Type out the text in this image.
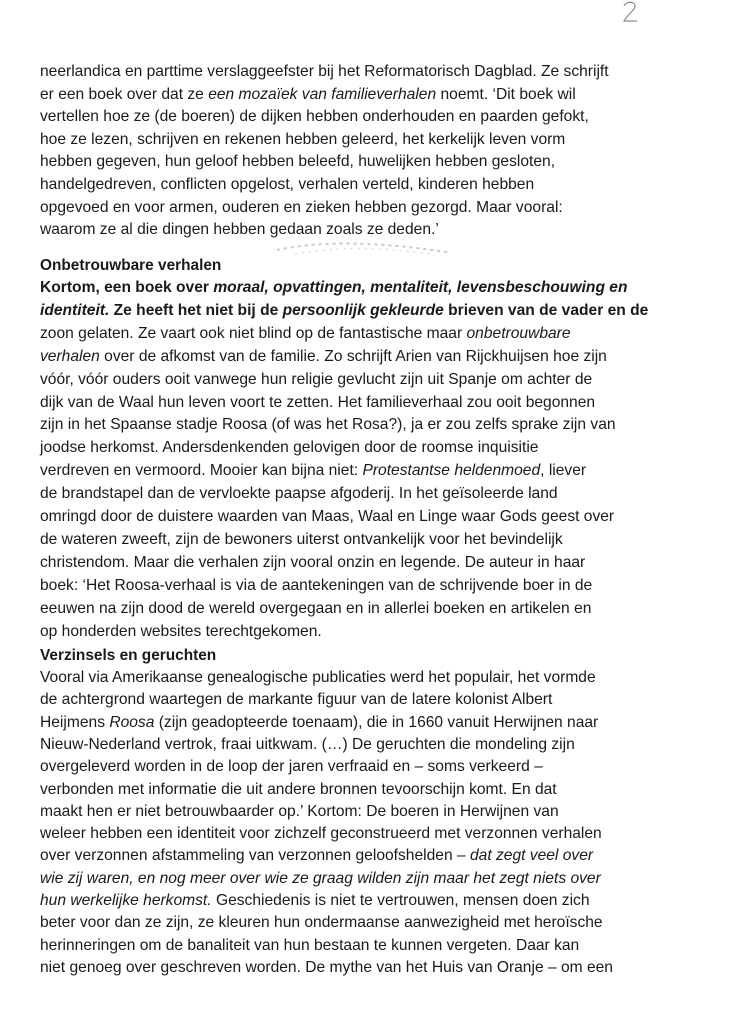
neerlandica en parttime verslaggeefster bij het Reformatorisch Dagblad. Ze schrijft
er een boek over dat ze een mozaïek van familieverhalen noemt. ‘Dit boek wil
vertellen hoe ze (de boeren) de dijken hebben onderhouden en paarden gefokt,
hoe ze lezen, schrijven en rekenen hebben geleerd, het kerkelijk leven vorm
hebben gegeven, hun geloof hebben beleefd, huwelijken hebben gesloten,
handelgedreven, conflicten opgelost, verhalen verteld, kinderen hebben
opgevoed en voor armen, ouderen en zieken hebben gezorgd. Maar vooral:
waarom ze al die dingen hebben gedaan zoals ze deden.’
Onbetrouwbare verhalen
Kortom, een boek over moraal, opvattingen, mentaliteit, levensbeschouwing en
identiteit. Ze heeft het niet bij de persoonlijk gekleurde brieven van de vader en de
zoon gelaten. Ze vaart ook niet blind op de fantastische maar onbetrouwbare
verhalen over de afkomst van de familie. Zo schrijft Arien van Rijckhuijsen hoe zijn
vóór, vóór ouders ooit vanwege hun religie gevlucht zijn uit Spanje om achter de
dijk van de Waal hun leven voort te zetten. Het familieverhaal zou ooit begonnen
zijn in het Spaanse stadje Roosa (of was het Rosa?), ja er zou zelfs sprake zijn van
joodse herkomst. Andersdenkenden gelovigen door de roomse inquisitie
verdreven en vermoord. Mooier kan bijna niet: Protestantse heldenmoed, liever
de brandstapel dan de vervloekte paapse afgoderij. In het geïsoleerde land
omringd door de duistere waarden van Maas, Waal en Linge waar Gods geest over
de wateren zweeft, zijn de bewoners uiterst ontvankelijk voor het bevindelijk
christendom. Maar die verhalen zijn vooral onzin en legende. De auteur in haar
boek: ‘Het Roosa-verhaal is via de aantekeningen van de schrijvende boer in de
eeuwen na zijn dood de wereld overgegaan en in allerlei boeken en artikelen en
op honderden websites terechtgekomen.
Verzinsels en geruchten
Vooral via Amerikaanse genealogische publicaties werd het populair, het vormde
de achtergrond waartegen de markante figuur van de latere kolonist Albert
Heijmens Roosa (zijn geadopteerde toenaam), die in 1660 vanuit Herwijnen naar
Nieuw-Nederland vertrok, fraai uitkwam. (…) De geruchten die mondeling zijn
overgeleverd worden in de loop der jaren verfraaid en – soms verkeerd –
verbonden met informatie die uit andere bronnen tevoorschijn komt. En dat
maakt hen er niet betrouwbaarder op.’ Kortom: De boeren in Herwijnen van
weleer hebben een identiteit voor zichzelf geconstrueerd met verzonnen verhalen
over verzonnen afstammeling van verzonnen geloofshelden – dat zegt veel over
wie zij waren, en nog meer over wie ze graag wilden zijn maar het zegt niets over
hun werkelijke herkomst. Geschiedenis is niet te vertrouwen, mensen doen zich
beter voor dan ze zijn, ze kleuren hun ondermaanse aanwezigheid met heroïsche
herinneringen om de banaliteit van hun bestaan te kunnen vergeten. Daar kan
niet genoeg over geschreven worden. De mythe van het Huis van Oranje – om een
